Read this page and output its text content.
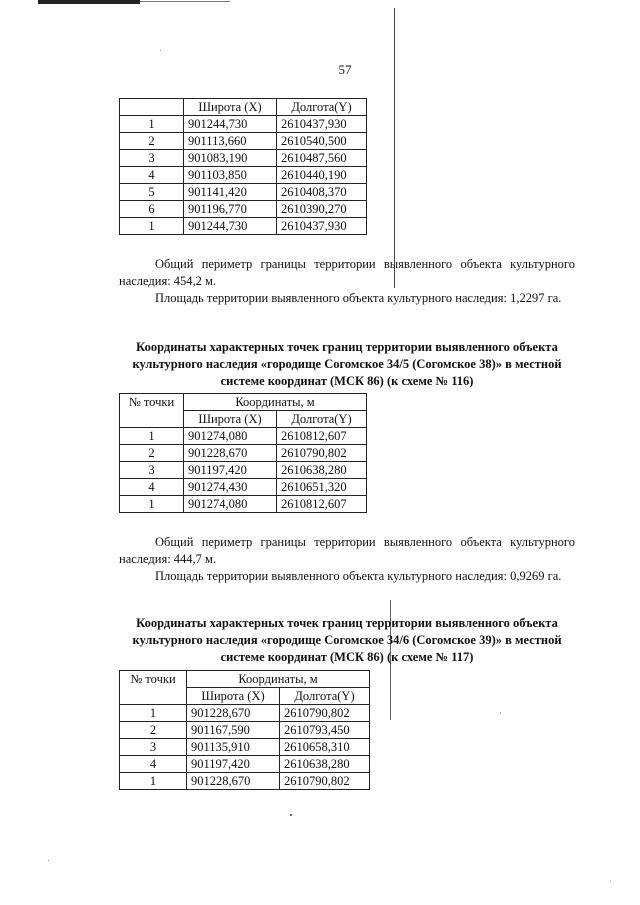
57
	Широта (X)	Долгота(Y)
1	901244,730	2610437,930
2	901113,660	2610540,500
3	901083,190	2610487,560
4	901103,850	2610440,190
5	901141,420	2610408,370
6	901196,770	2610390,270
1	901244,730	2610437,930

Общий периметр границы территории выявленного объекта культурного наследия: 454,2 м.

Площадь территории выявленного объекта культурного наследия: 1,2297 га.

Координаты характерных точек границ территории выявленного объекта культурного наследия «городище Согомское 34/5 (Согомское 38)» в местной системе координат (МСК 86) (к схеме № 116)

№ точки	Координаты, м	
	Широта (X)	Долгота(Y)
1	901274,080	2610812,607
2	901228,670	2610790,802
3	901197,420	2610638,280
4	901274,430	2610651,320
1	901274,080	2610812,607

Общий периметр границы территории выявленного объекта культурного наследия: 444,7 м.

Площадь территории выявленного объекта культурного наследия: 0,9269 га.

Координаты характерных точек границ территории выявленного объекта культурного наследия «городище Согомское 34/6 (Согомское 39)» в местной системе координат (МСК 86) (к схеме № 117)

№ точки	Координаты, м	
	Широта (X)	Долгота(Y)
1	901228,670	2610790,802
2	901167,590	2610793,450
3	901135,910	2610658,310
4	901197,420	2610638,280
1	901228,670	2610790,802
